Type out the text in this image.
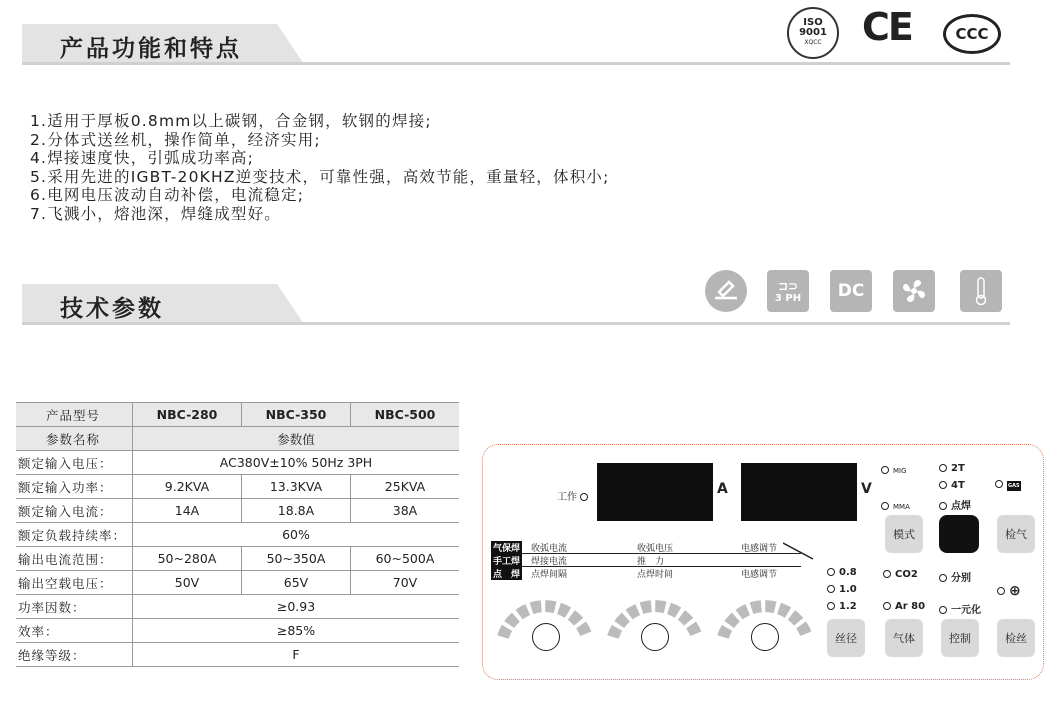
产品功能和特点
ISO
9001
XQCC CE	CCC
1.适用于厚板0.8mm以上碳钢，合金钢，软钢的焊接;
2.分体式送丝机，操作简单，经济实用;
4.焊接速度快，引弧成功率高;
5.采用先进的IGBT-20KHZ逆变技术，可靠性强，高效节能，重量轻，体积小;
6.电网电压波动自动补偿，电流稳定;
7.飞溅小，熔池深，焊缝成型好。
技术参数
⊐⊃
3 PH	DC
产品型号	NBC-280	NBC-350	NBC-500
参数名称	参数值		
额定输入电压：	AC380V±10% 50Hz 3PH		
额定输入功率：	9.2KVA	13.3KVA	25KVA
额定输入电流：	14A	18.8A	38A
额定负载持续率：	60%		
输出电流范围：	50~280A	50~350A	60~500A
输出空载电压：	50V	65V	70V
功率因数：	≥0.93		
效率：	≥85%		
绝缘等级：	F		
工作
A	V
气保焊 收弧电流	收弧电压	电感调节
手工焊 焊接电流	推　力
点　焊 点焊间隔	点焊时间	电感调节
MIG
MMA
2T
4T
点焊
GAS
模式	检气
0.8
1.0
1.2
CO2
Ar 80
分别
一元化
⊕
丝径	气体	控制	检丝
